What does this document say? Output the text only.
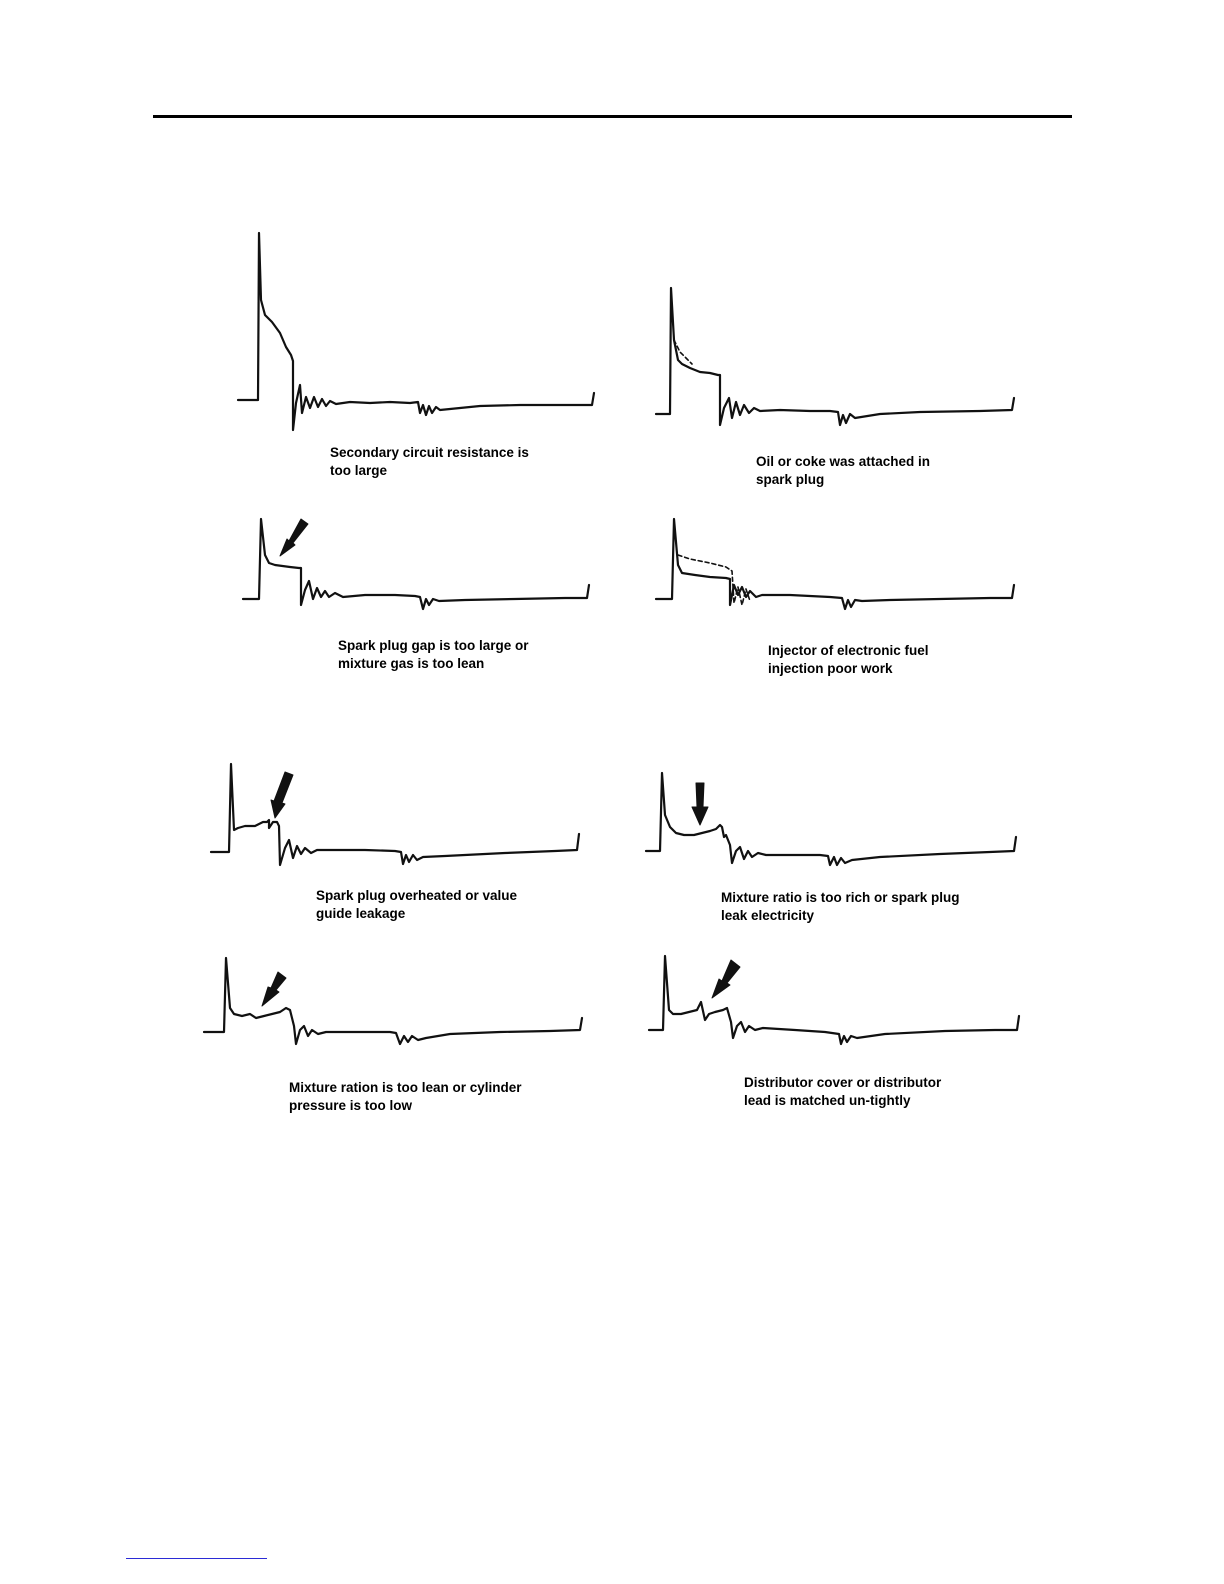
Secondary circuit resistance is
too large
Oil or coke was attached in
spark plug
Spark plug gap is too large or
mixture gas is too lean
Injector of electronic fuel
injection poor work
Spark plug overheated or value
guide leakage
Mixture ratio is too rich or spark plug
leak electricity
Mixture ration is too lean or cylinder
pressure is too low
Distributor cover or distributor
lead is matched un-tightly
